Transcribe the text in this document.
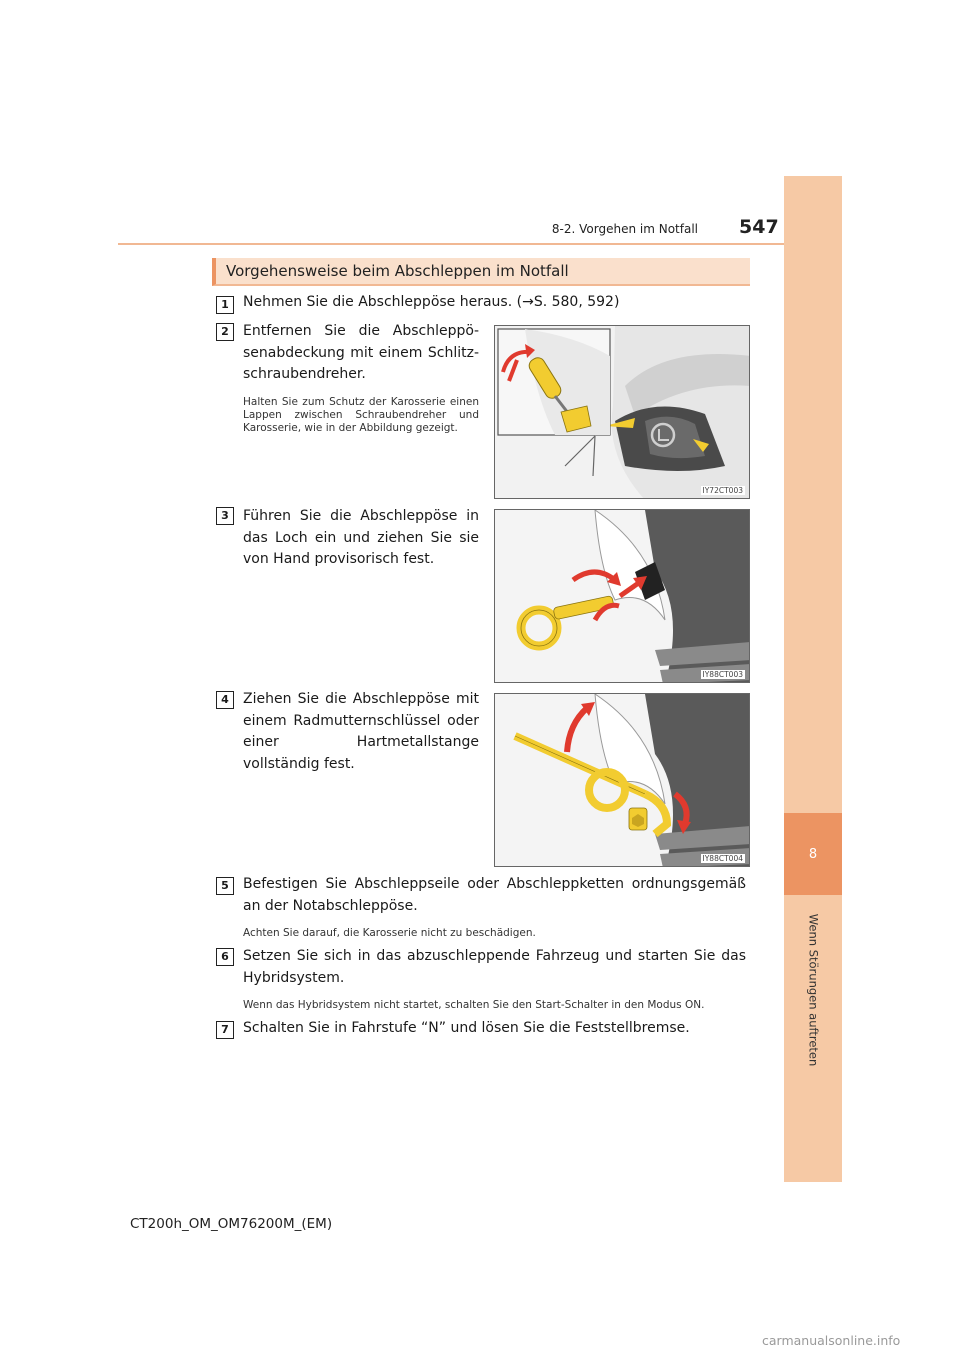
8
Wenn Störungen auftreten
8-2. Vorgehen im Notfall 547
Vorgehensweise beim Abschleppen im Notfall
1	Nehmen Sie die Abschleppöse heraus. (→S. 580, 592)
2	Entfernen Sie die Abschleppösenabdeckung mit einem Schlitzschraubendreher.
Halten Sie zum Schutz der Karosserie einen Lappen zwischen Schraubendreher und Karosserie, wie in der Abbildung gezeigt.
IY72CT003
3	Führen Sie die Abschleppöse in das Loch ein und ziehen Sie sie von Hand provisorisch fest.
IY88CT003
4	Ziehen Sie die Abschleppöse mit einem Radmutternschlüssel oder einer Hartmetallstange vollständig fest.
IY88CT004
5	Befestigen Sie Abschleppseile oder Abschleppketten ordnungsgemäß an der Notabschleppöse.
Achten Sie darauf, die Karosserie nicht zu beschädigen.
6	Setzen Sie sich in das abzuschleppende Fahrzeug und starten Sie das Hybridsystem.
Wenn das Hybridsystem nicht startet, schalten Sie den Start-Schalter in den Modus ON.
7	Schalten Sie in Fahrstufe “N” und lösen Sie die Feststellbremse.
CT200h_OM_OM76200M_(EM)
carmanualsonline.info
